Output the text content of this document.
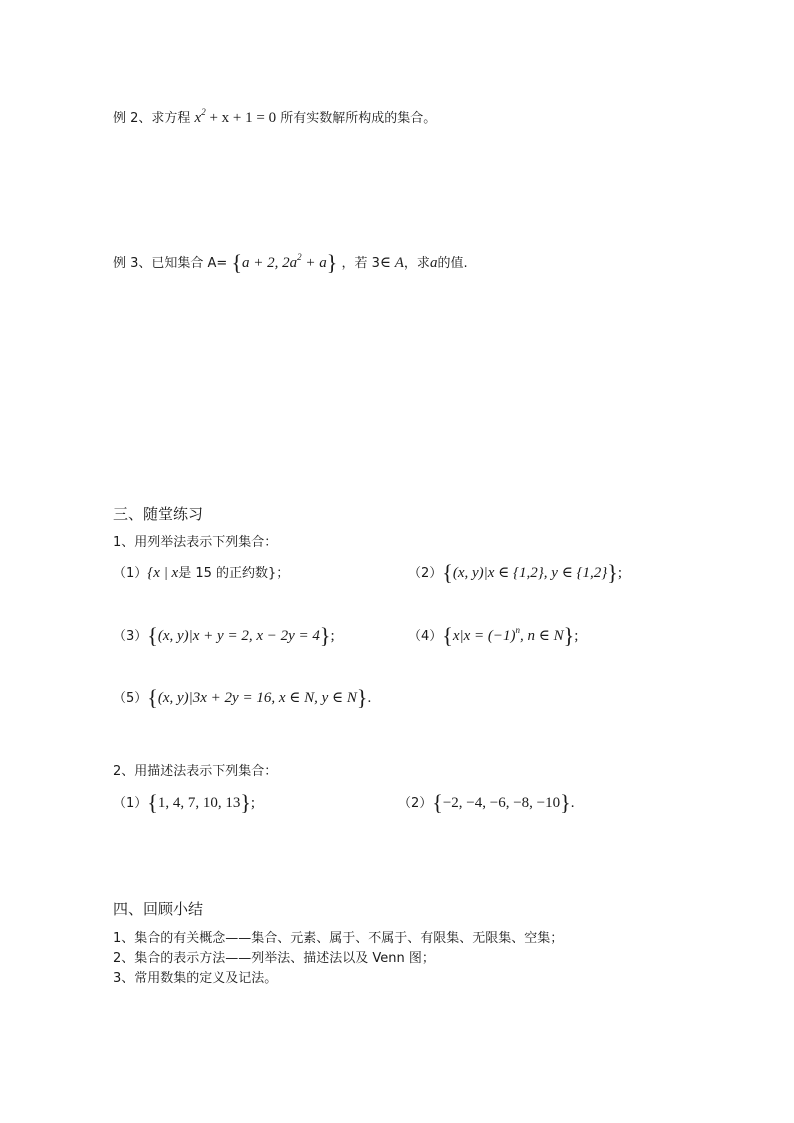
例 2、求方程 $x^2 + x + 1 = 0$ 所有实数解所构成的集合。
例 3、已知集合 A= {a + 2, $2a^2 + a$} ，若 3∈ A，求a的值.
三、随堂练习
1、用列举法表示下列集合：
（1）{x | x是 15 的正约数}；	（2）{(x, y)|x ∈ {1,2}, y ∈ {1,2}};
（3）{(x, y)|x + y = 2, x − 2y = 4};	$(4)\{x|x = (-1)^n$, n ∈ N};
（5）{(x, y)|3x + 2y = 16, x ∈ N, y ∈ N}.
2、用描述法表示下列集合：
（1）{1, 4, 7, 10, 13};	（2）{−2, −4, −6, −8, −10}.
四、回顾小结
1、集合的有关概念——集合、元素、属于、不属于、有限集、无限集、空集；
2、集合的表示方法——列举法、描述法以及 Venn 图；
3、常用数集的定义及记法。
